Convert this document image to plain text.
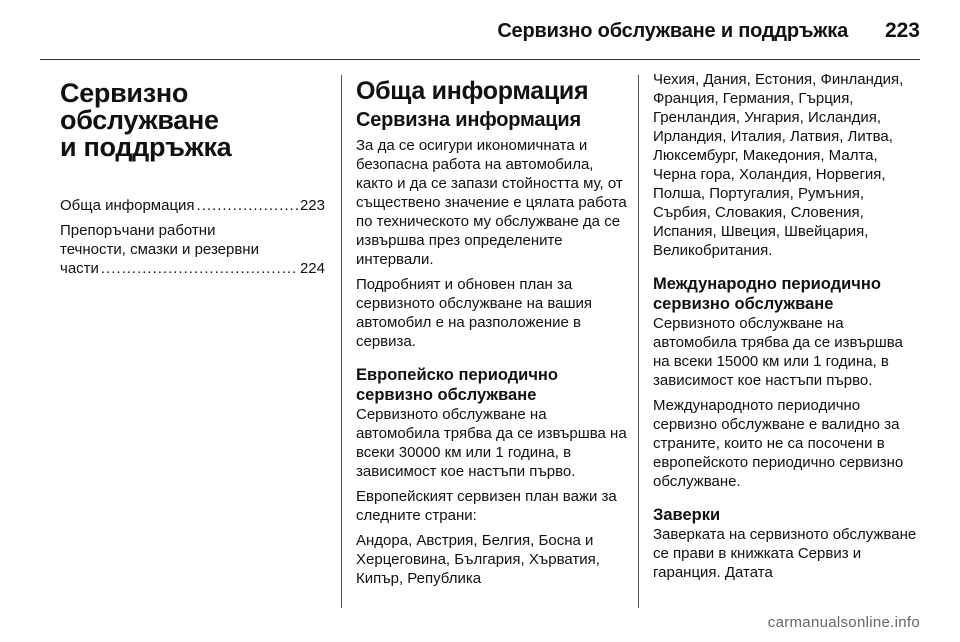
Сервизно обслужване и поддръжка 223
Сервизно
обслужване
и поддръжка
Обща информация .....	223
Препоръчани работни
течности, смазки и резервни
части .....	224
Обща информация
Сервизна информация

За да се осигури икономичната и безопасна работа на автомобила, както и да се запази стойността му, от съществено значение е цялата работа по техническото му обслужване да се извършва през определените интервали.

Подробният и обновен план за сервизното обслужване на вашия автомобил е на разположение в сервиза.

Европейско периодично сервизно обслужване

Сервизното обслужване на автомобила трябва да се извършва на всеки 30000 км или 1 година, в зависимост кое настъпи първо.

Европейският сервизен план важи за следните страни:

Андора, Австрия, Белгия, Босна и Херцеговина, България, Хърватия, Кипър, Република

Чехия, Дания, Естония, Финландия, Франция, Германия, Гърция, Гренландия, Унгария, Исландия, Ирландия, Италия, Латвия, Литва, Люксембург, Македония, Малта, Черна гора, Холандия, Норвегия, Полша, Португалия, Румъния, Сърбия, Словакия, Словения, Испания, Швеция, Швейцария, Великобритания.

Международно периодично сервизно обслужване

Сервизното обслужване на автомобила трябва да се извършва на всеки 15000 км или 1 година, в зависимост кое настъпи първо.

Международното периодично сервизно обслужване е валидно за страните, които не са посочени в европейското периодично сервизно обслужване.

Заверки

Заверката на сервизното обслужване се прави в книжката Сервиз и гаранция. Датата

carmanualsonline.info
